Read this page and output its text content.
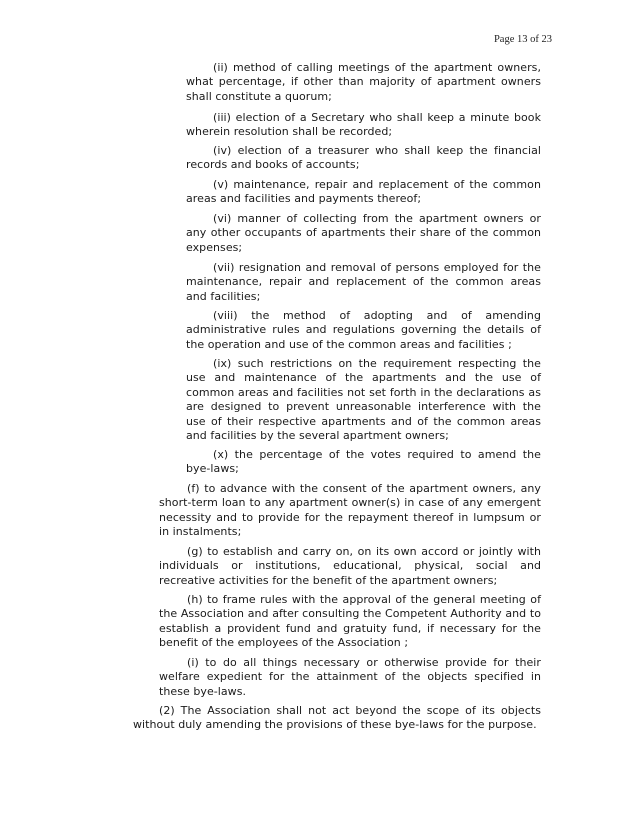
Page 13 of 23

(ii) method of calling meetings of the apartment owners, what percentage, if other than majority of apartment owners shall constitute a quorum;

(iii) election of a Secretary who shall keep a minute book wherein resolution shall be recorded;

(iv) election of a treasurer who shall keep the financial records and books of accounts;

(v) maintenance, repair and replacement of the common areas and facilities and payments thereof;

(vi) manner of collecting from the apartment owners or any other occupants of apartments their share of the common expenses;

(vii) resignation and removal of persons employed for the maintenance, repair and replacement of the common areas and facilities;

(viii) the method of adopting and of amending administrative rules and regulations governing the details of the operation and use of the common areas and facilities ;

(ix) such restrictions on the requirement respecting the use and maintenance of the apartments and the use of common areas and facilities not set forth in the declarations as are designed to prevent unreasonable interference with the use of their respective apartments and of the common areas and facilities by the several apartment owners;

(x) the percentage of the votes required to amend the bye-laws;

(f) to advance with the consent of the apartment owners, any short-term loan to any apartment owner(s) in case of any emergent necessity and to provide for the repayment thereof in lumpsum or in instalments;

(g) to establish and carry on, on its own accord or jointly with individuals or institutions, educational, physical, social and recreative activities for the benefit of the apartment owners;

(h) to frame rules with the approval of the general meeting of the Association and after consulting the Competent Authority and to establish a provident fund and gratuity fund, if necessary for the benefit of the employees of the Association ;

(i) to do all things necessary or otherwise provide for their welfare expedient for the attainment of the objects specified in these bye-laws.

(2) The Association shall not act beyond the scope of its objects without duly amending the provisions of these bye-laws for the purpose.
